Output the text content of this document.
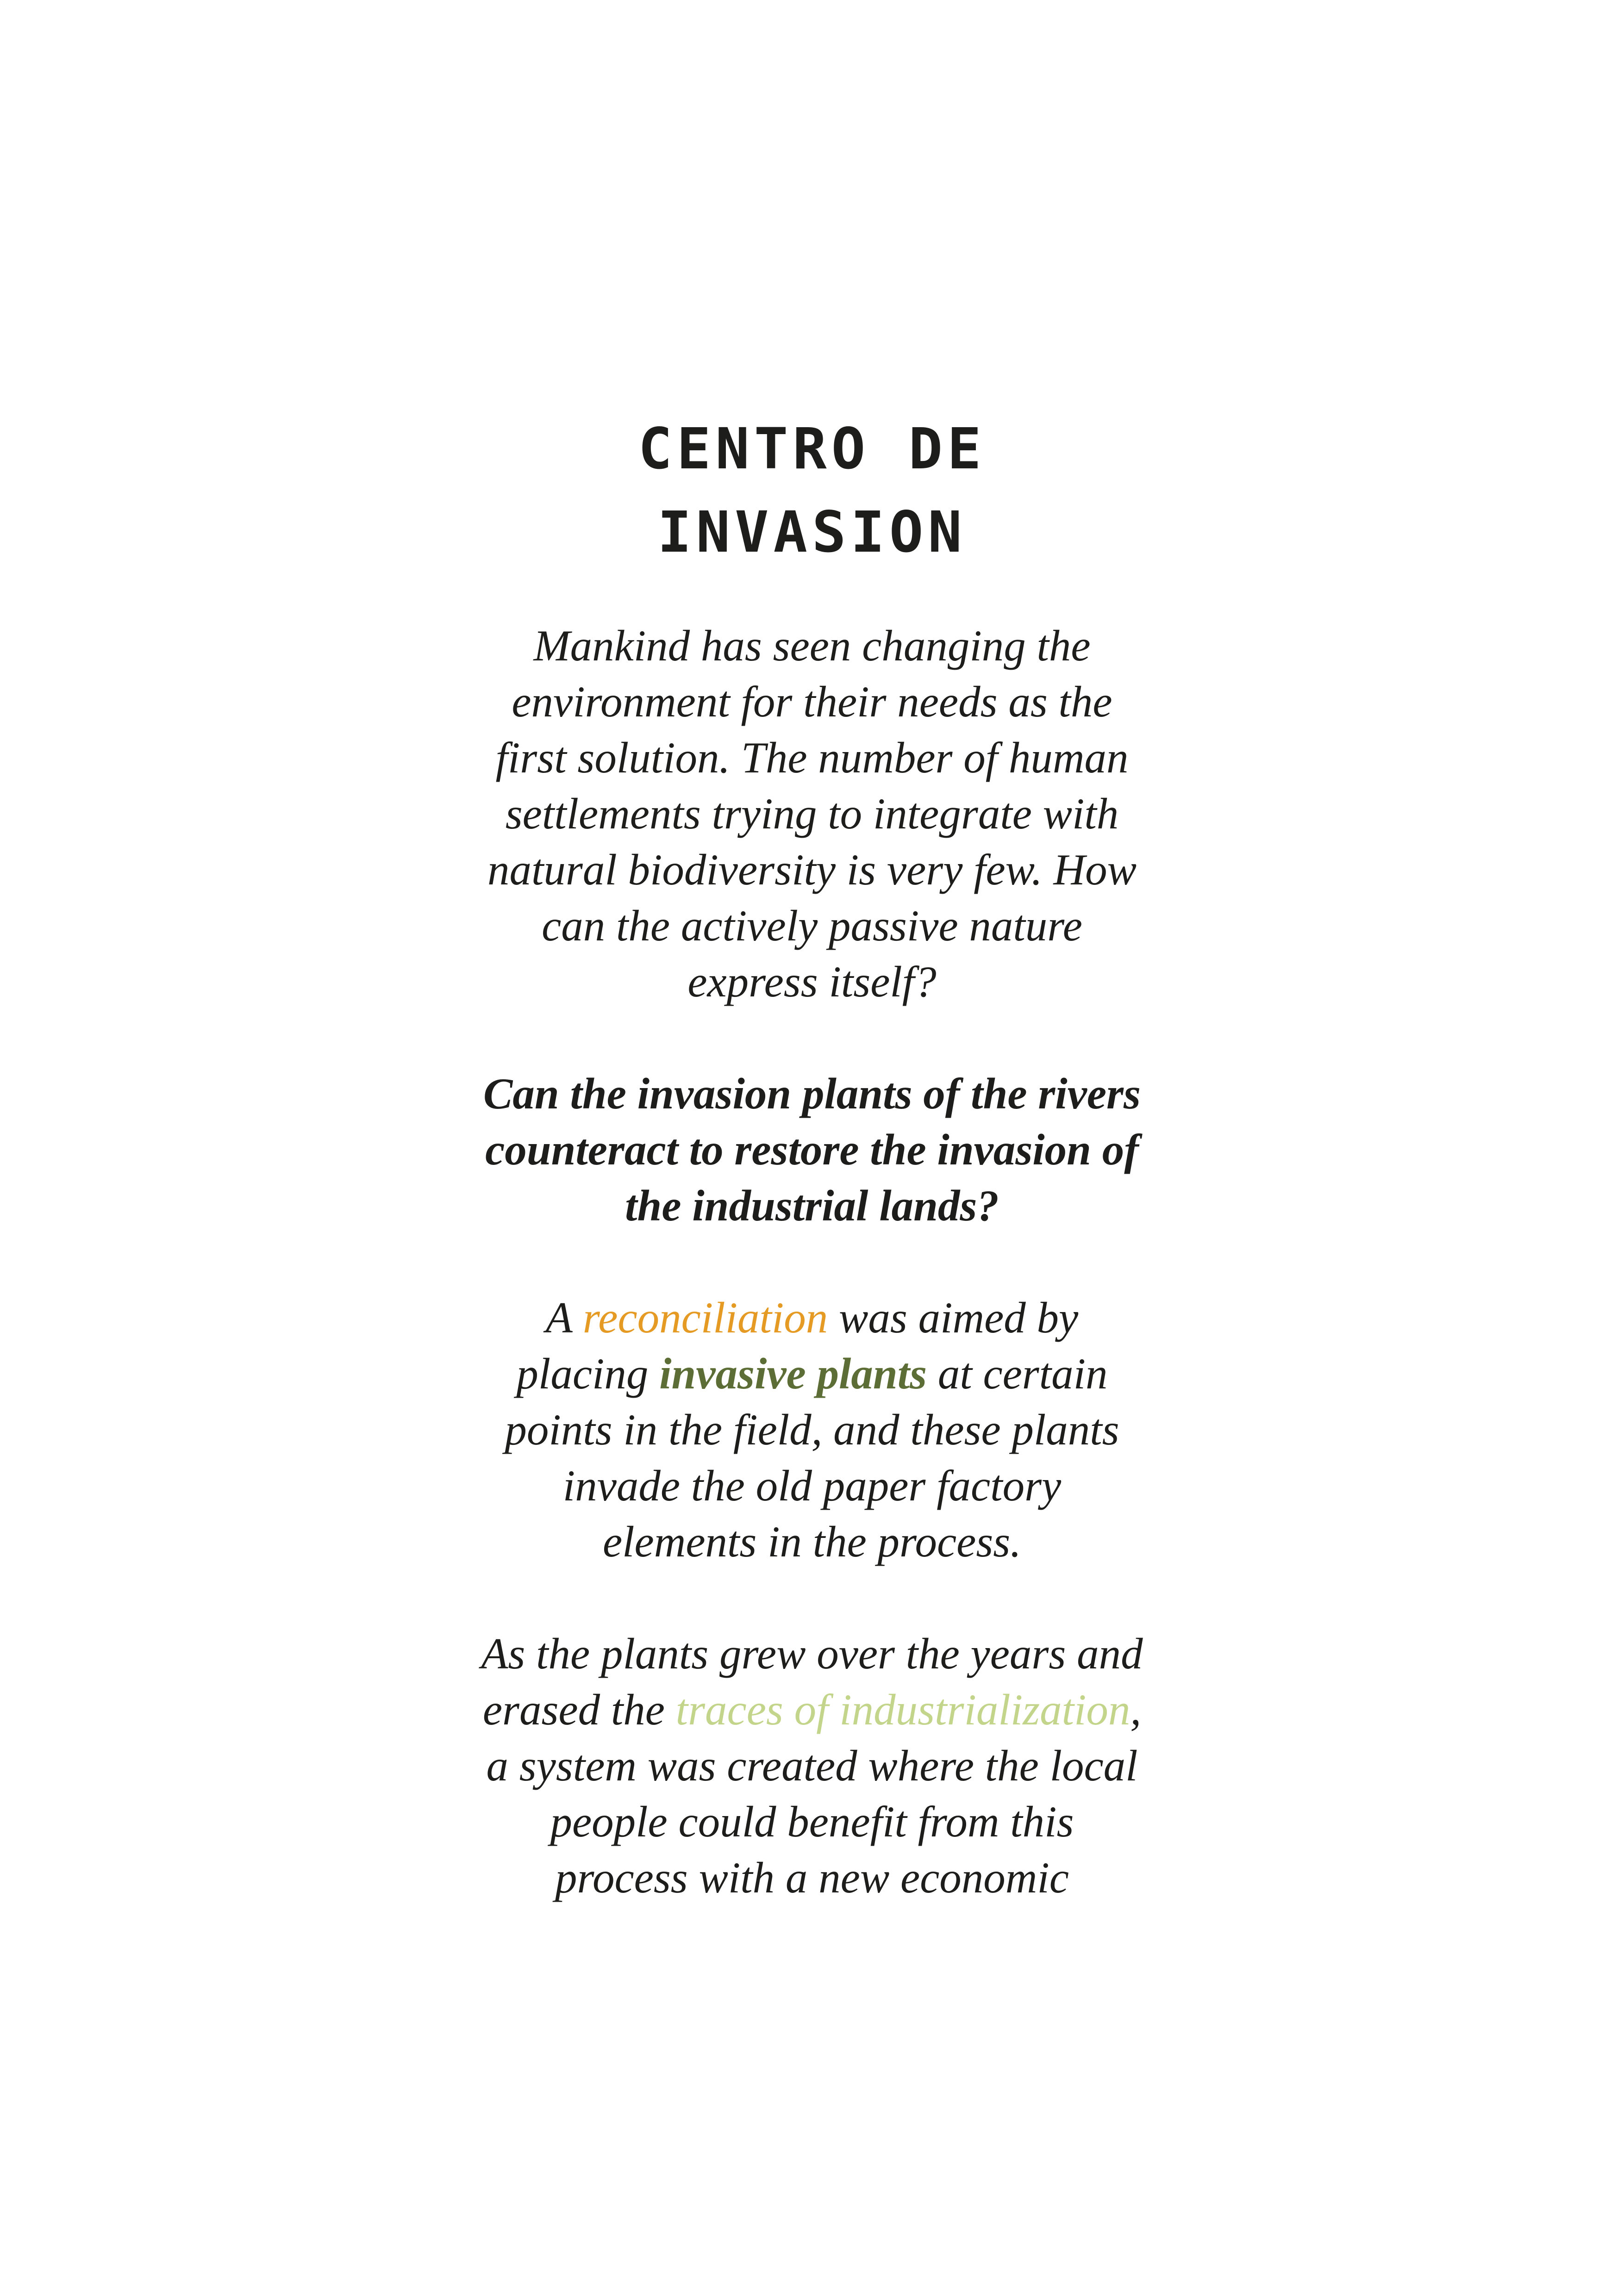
CENTRO DE
INVASION

Mankind has seen changing the
environment for their needs as the
first solution. The number of human
settlements trying to integrate with
natural biodiversity is very few. How
can the actively passive nature
express itself?

Can the invasion plants of the rivers
counteract to restore the invasion of
the industrial lands?

A reconciliation was aimed by
placing invasive plants at certain
points in the field, and these plants
invade the old paper factory
elements in the process.

As the plants grew over the years and
erased the traces of industrialization,
a system was created where the local
people could benefit from this
process with a new economic
